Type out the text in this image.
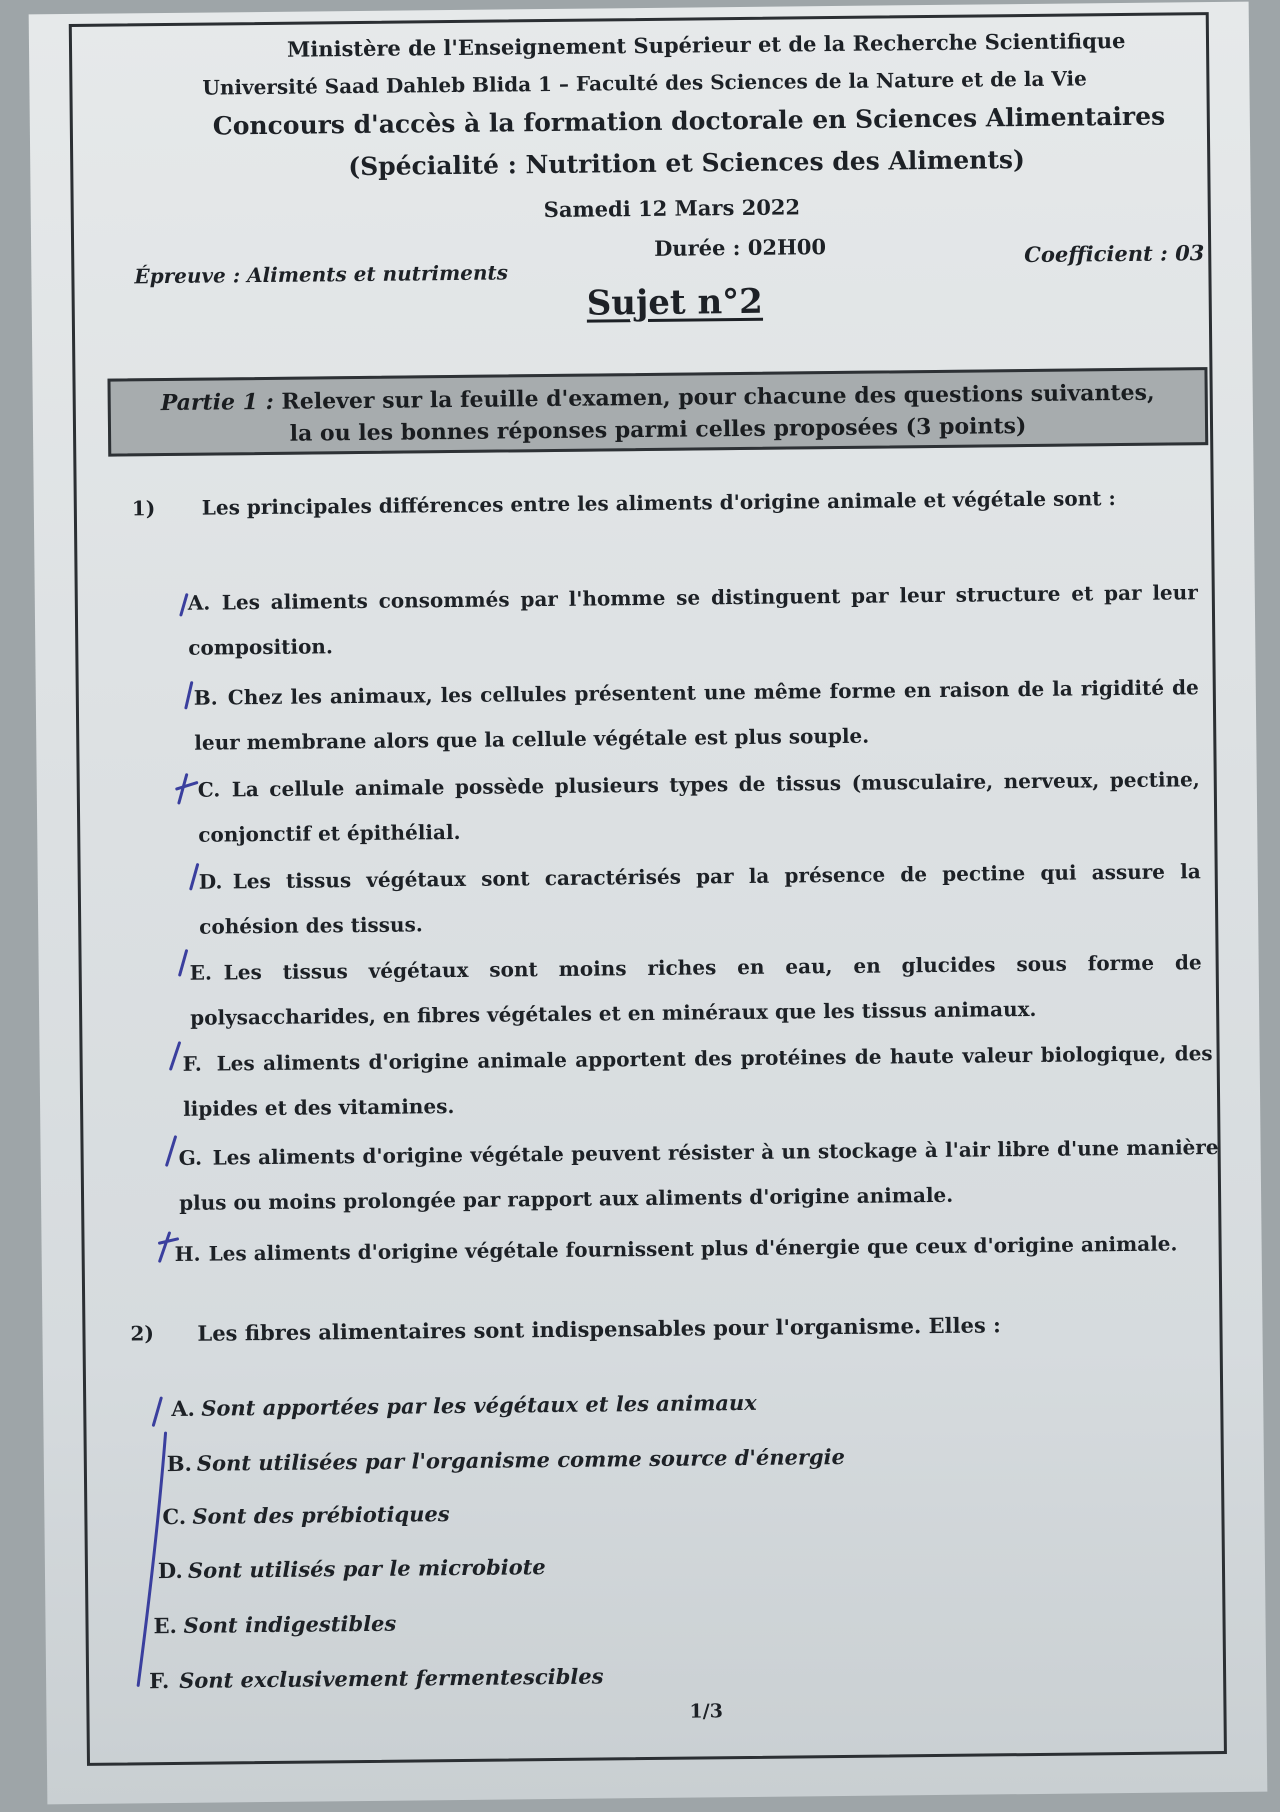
Ministère de l'Enseignement Supérieur et de la Recherche Scientifique
Université Saad Dahleb Blida 1 – Faculté des Sciences de la Nature et de la Vie
Concours d'accès à la formation doctorale en Sciences Alimentaires
(Spécialité : Nutrition et Sciences des Aliments)
Samedi 12 Mars 2022
Épreuve : Aliments et nutriments
Durée : 02H00	Coefficient : 03
Sujet n°2
Partie 1 : Relever sur la feuille d'examen, pour chacune des questions suivantes,
la ou les bonnes réponses parmi celles proposées (3 points)
1) Les principales différences entre les aliments d'origine animale et végétale sont :
A. Les aliments consommés par l'homme se distinguent par leur structure et par leur composition.
B. Chez les animaux, les cellules présentent une même forme en raison de la rigidité de leur membrane alors que la cellule végétale est plus souple.
C. La cellule animale possède plusieurs types de tissus (musculaire, nerveux, pectine, conjonctif et épithélial.
D. Les tissus végétaux sont caractérisés par la présence de pectine qui assure la cohésion des tissus.
E. Les tissus végétaux sont moins riches en eau, en glucides sous forme de polysaccharides, en fibres végétales et en minéraux que les tissus animaux.
F. Les aliments d'origine animale apportent des protéines de haute valeur biologique, des lipides et des vitamines.
G. Les aliments d'origine végétale peuvent résister à un stockage à l'air libre d'une manière plus ou moins prolongée par rapport aux aliments d'origine animale.
H. Les aliments d'origine végétale fournissent plus d'énergie que ceux d'origine animale.
2) Les fibres alimentaires sont indispensables pour l'organisme. Elles :
A. Sont apportées par les végétaux et les animaux
B. Sont utilisées par l'organisme comme source d'énergie
C. Sont des prébiotiques
D. Sont utilisés par le microbiote
E. Sont indigestibles
F. Sont exclusivement fermentescibles
1/3
